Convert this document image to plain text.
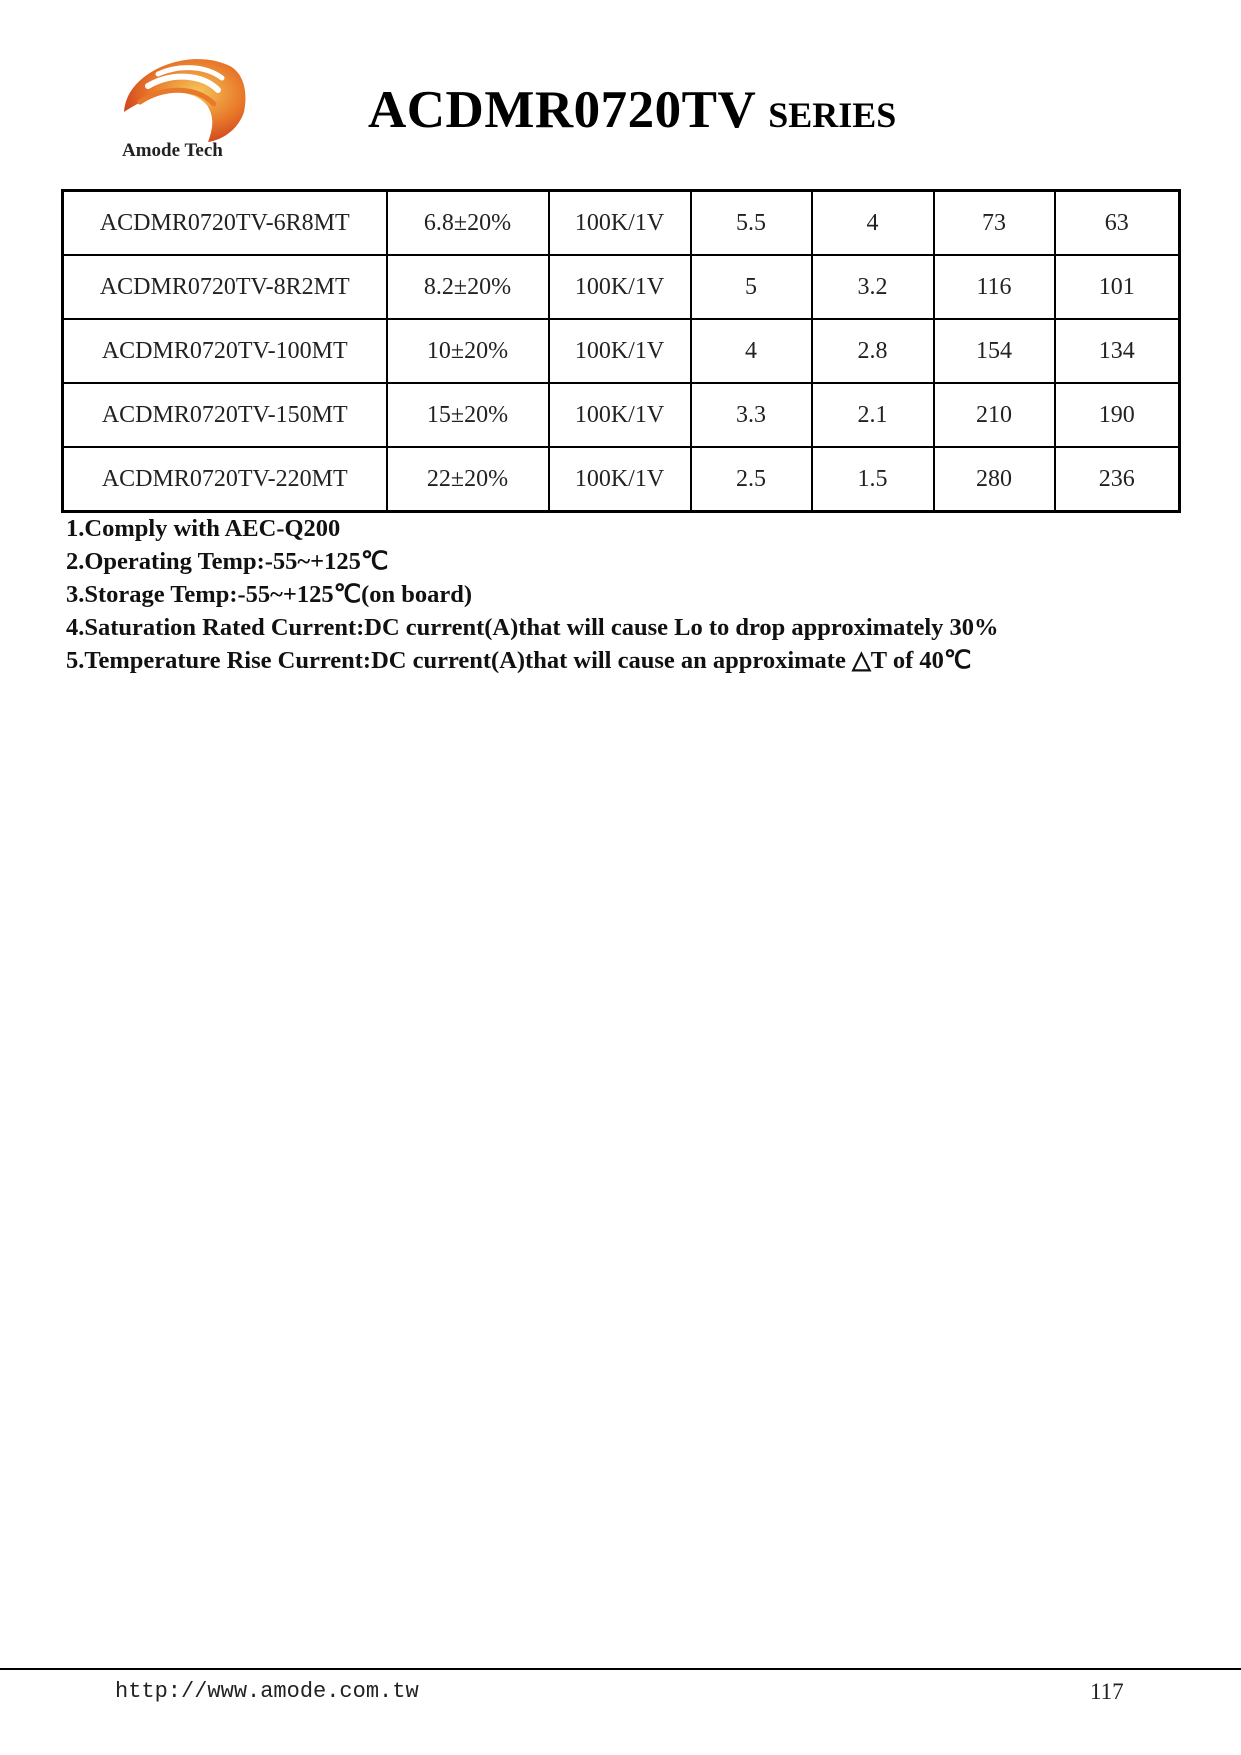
Amode Tech
ACDMR0720TV SERIES
ACDMR0720TV-6R8MT	6.8±20%	100K/1V	5.5	4	73	63
ACDMR0720TV-8R2MT	8.2±20%	100K/1V	5	3.2	116	101
ACDMR0720TV-100MT	10±20%	100K/1V	4	2.8	154	134
ACDMR0720TV-150MT	15±20%	100K/1V	3.3	2.1	210	190
ACDMR0720TV-220MT	22±20%	100K/1V	2.5	1.5	280	236
1.Comply with AEC-Q200
2.Operating Temp:-55~+125℃
3.Storage Temp:-55~+125℃(on board)
4.Saturation Rated Current:DC current(A)that will cause Lo to drop approximately 30%
5.Temperature Rise Current:DC current(A)that will cause an approximate △T of 40℃
http://www.amode.com.tw	117
